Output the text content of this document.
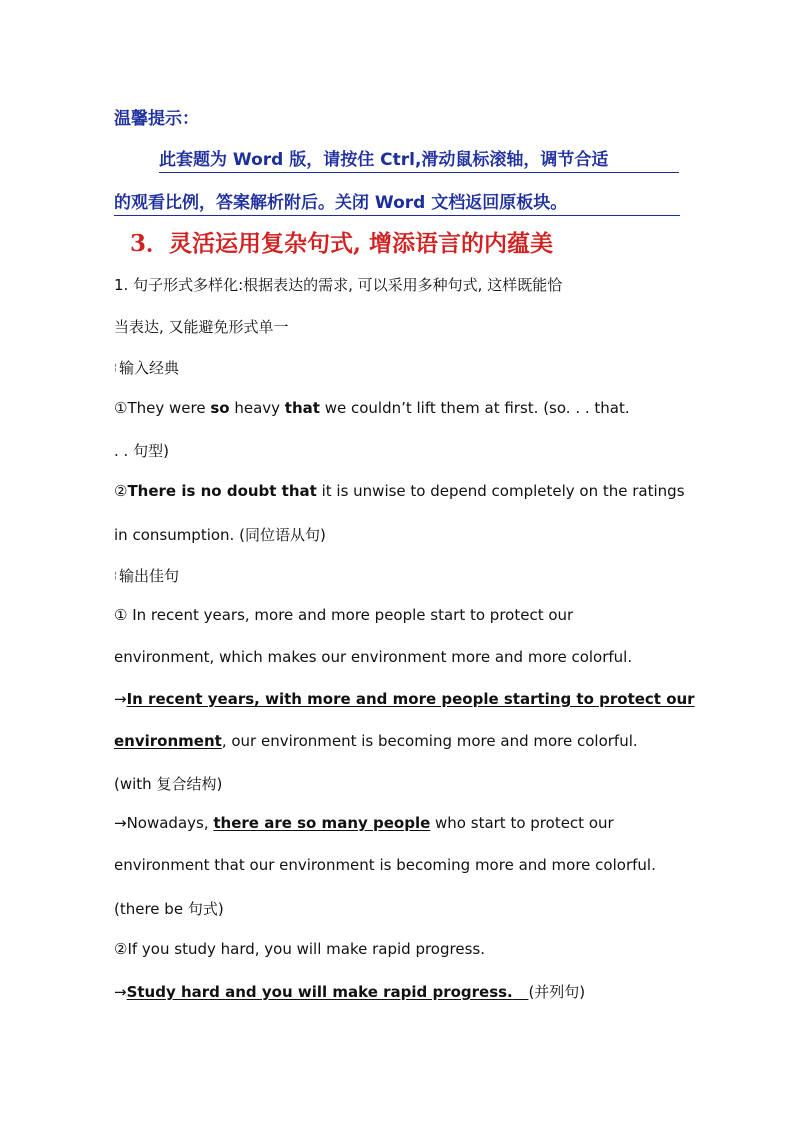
温馨提示：
此套题为 Word 版，请按住 Ctrl,滑动鼠标滚轴，调节合适
的观看比例，答案解析附后。关闭 Word 文档返回原板块。
3．灵活运用复杂句式, 增添语言的内蕴美
1. 句子形式多样化:根据表达的需求, 可以采用多种句式, 这样既能恰
当表达, 又能避免形式单一
¦ 输入经典
①They were so heavy that we couldn’t lift them at first. (so. . . that.
. . 句型)
②There is no doubt that it is unwise to depend completely on the ratings
in consumption. (同位语从句)
¦ 输出佳句
① In recent years, more and more people start to protect our
environment, which makes our environment more and more colorful.
→In recent years, with more and more people starting to protect our
environment, our environment is becoming more and more colorful.
(with 复合结构)
→Nowadays, there are so many people who start to protect our
environment that our environment is becoming more and more colorful.
(there be 句式)
②If you study hard, you will make rapid progress.
→Study hard and you will make rapid progress. (并列句)
